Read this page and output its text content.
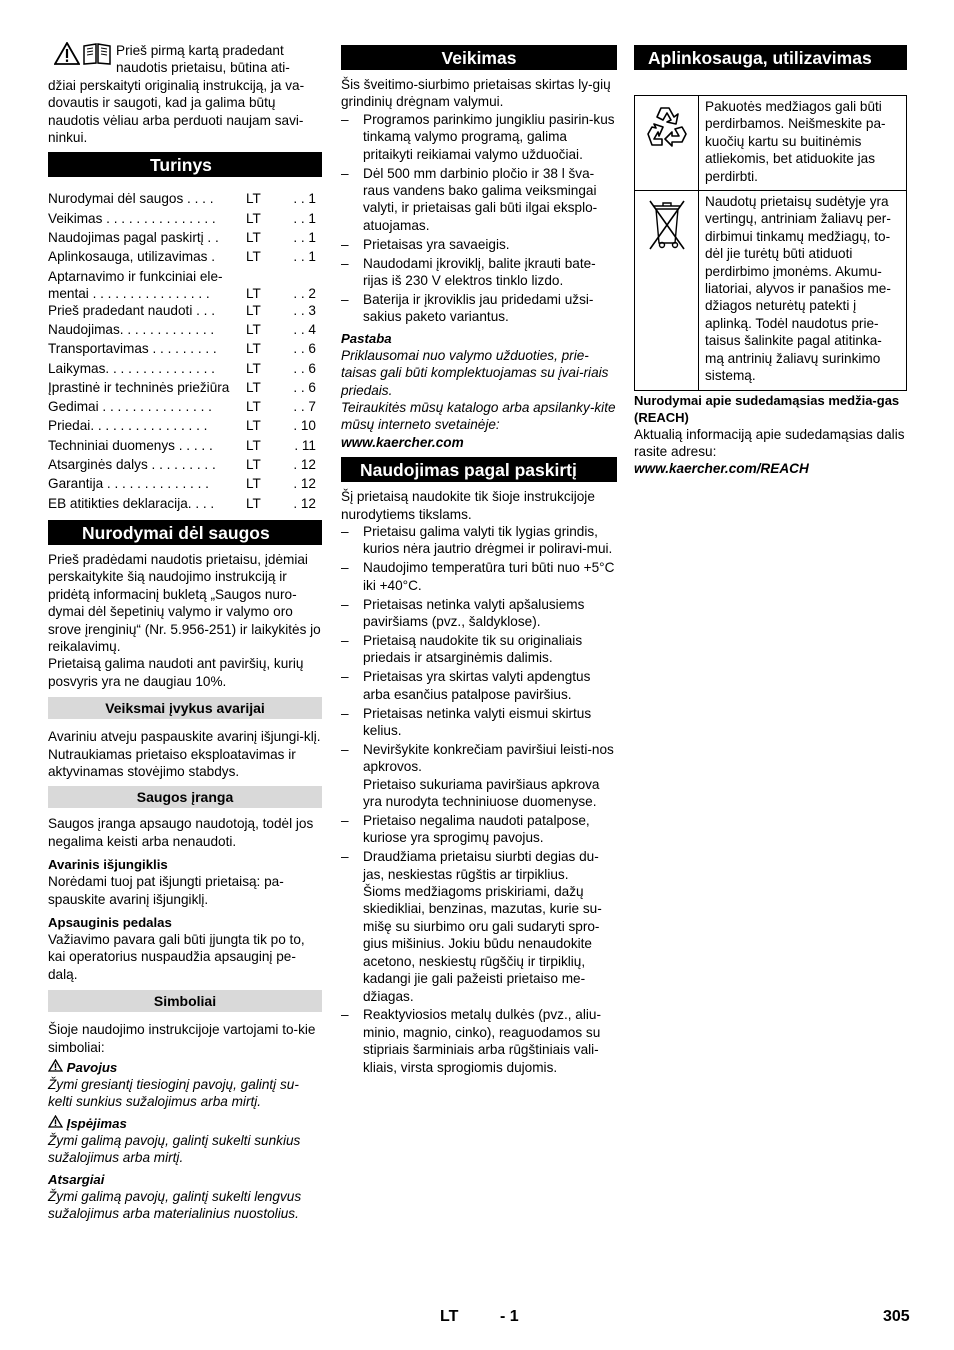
Prieš pirmą kartą pradedant

naudotis prietaisu, būtina ati-

džiai perskaityti originalią instrukciją, ja va-dovautis ir saugoti, kad ja galima būtų naudotis vėliau arba perduoti naujam savi-ninkui.

Turinys
Nurodymai dėl saugos . . . .	LT	. . 1
Veikimas . . . . . . . . . . . . . . .	LT	. . 1
Naudojimas pagal paskirtį . .	LT	. . 1
Aplinkosauga, utilizavimas .	LT	. . 1
Aptarnavimo ir funkciniai ele-mentai . . . . . . . . . . . . . . . .	LT	. . 2
Prieš pradedant naudoti . . .	LT	. . 3
Naudojimas. . . . . . . . . . . . .	LT	. . 4
Transportavimas . . . . . . . . .	LT	. . 6
Laikymas. . . . . . . . . . . . . . .	LT	. . 6
Įprastinė ir techninės priežiūra	LT	. . 6
Gedimai . . . . . . . . . . . . . . .	LT	. . 7
Priedai. . . . . . . . . . . . . . . .	LT	. 10
Techniniai duomenys . . . . .	LT	. 11
Atsarginės dalys . . . . . . . . .	LT	. 12
Garantija . . . . . . . . . . . . . .	LT	. 12
EB atitikties deklaracija. . . .	LT	. 12
Nurodymai dėl saugos

Prieš pradėdami naudotis prietaisu, įdėmiai perskaitykite šią naudojimo instrukciją ir pridėtą informacinį bukletą „Saugos nuro-dymai dėl šepetinių valymo ir valymo oro srove įrenginių“ (Nr. 5.956-251) ir laikykitės jo reikalavimų.

Prietaisą galima naudoti ant paviršių, kurių posvyris yra ne daugiau 10%.

Veiksmai įvykus avarijai

Avariniu atveju paspauskite avarinį išjungi-klį. Nutraukiamas prietaiso eksploatavimas ir aktyvinamas stovėjimo stabdys.

Saugos įranga

Saugos įranga apsaugo naudotoją, todėl jos negalima keisti arba nenaudoti.

Avarinis išjungiklis

Norėdami tuoj pat išjungti prietaisą: pa-spauskite avarinį išjungiklį.

Apsauginis pedalas

Važiavimo pavara gali būti įjungta tik po to, kai operatorius nuspaudžia apsauginį pe-dalą.

Simboliai

Šioje naudojimo instrukcijoje vartojami to-kie simboliai:

Pavojus

Žymi gresiantį tiesioginį pavojų, galintį su-kelti sunkius sužalojimus arba mirtį.

Įspėjimas

Žymi galimą pavojų, galintį sukelti sunkius sužalojimus arba mirtį.

Atsargiai

Žymi galimą pavojų, galintį sukelti lengvus sužalojimus arba materialinius nuostolius.

Veikimas

Šis šveitimo-siurbimo prietaisas skirtas ly-gių grindinių drėgnam valymui.

– Programos parinkimo jungikliu pasirin-kus tinkamą valymo programą, galima pritaikyti reikiamai valymo užduočiai.
– Dėl 500 mm darbinio pločio ir 38 l šva-raus vandens bako galima veiksmingai valyti, ir prietaisas gali būti ilgai eksplo-atuojamas.
– Prietaisas yra savaeigis.
– Naudodami įkroviklį, balite įkrauti bate-rijas iš 230 V elektros tinklo lizdo.
– Baterija ir įkroviklis jau pridedami užsi-sakius paketo variantus.
Pastaba

Priklausomai nuo valymo užduoties, prie-taisas gali būti komplektuojamas su įvai-riais priedais.

Teiraukitės mūsų katalogo arba apsilanky-kite mūsų interneto svetainėje:

www.kaercher.com

Naudojimas pagal paskirtį

Šį prietaisą naudokite tik šioje instrukcijoje nurodytiems tikslams.

– Prietaisu galima valyti tik lygias grindis, kurios nėra jautrio drėgmei ir poliravi-mui.
– Naudojimo temperatūra turi būti nuo +5°C iki +40°C.
– Prietaisas netinka valyti apšalusiems paviršiams (pvz., šaldyklose).
– Prietaisą naudokite tik su originaliais priedais ir atsarginėmis dalimis.
– Prietaisas yra skirtas valyti apdengtus arba esančius patalpose paviršius.
– Prietaisas netinka valyti eismui skirtus kelius.
– Neviršykite konkrečiam paviršiui leisti-nos apkrovos.
Prietaiso sukuriama paviršiaus apkrova yra nurodyta techniniuose duomenyse.
– Prietaiso negalima naudoti patalpose, kuriose yra sprogimų pavojus.
– Draudžiama prietaisu siurbti degias du-jas, neskiestas rūgštis ar tirpiklius.
Šioms medžiagoms priskiriami, dažų skiedikliai, benzinas, mazutas, kurie su-mišę su siurbimo oru gali sudaryti spro-gius mišinius. Jokiu būdu nenaudokite acetono, neskiestų rūgščių ir tirpiklių, kadangi jie gali pažeisti prietaiso me-džiagas.
– Reaktyviosios metalų dulkės (pvz., aliu-minio, magnio, cinko), reaguodamos su stipriais šarminiais arba rūgštiniais vali-kliais, virsta sprogiomis dujomis.
Aplinkosauga, utilizavimas
	Pakuotės medžiagos gali būti perdirbamos. Neišmeskite pa-kuočių kartu su buitinėmis atliekomis, bet atiduokite jas perdirbti.
	Naudotų prietaisų sudėtyje yra vertingų, antriniam žaliavų per-dirbimui tinkamų medžiagų, to-dėl jie turėtų būti atiduoti perdirbimo įmonėms. Akumu-liatoriai, alyvos ir panašios me-džiagos neturėtų patekti į aplinką. Todėl naudotus prie-taisus šalinkite pagal atitinka-mą antrinių žaliavų surinkimo sistemą.
Nurodymai apie sudedamąsias medžia-gas (REACH)

Aktualią informaciją apie sudedamąsias dalis rasite adresu:

www.kaercher.com/REACH

LT	- 1	305
